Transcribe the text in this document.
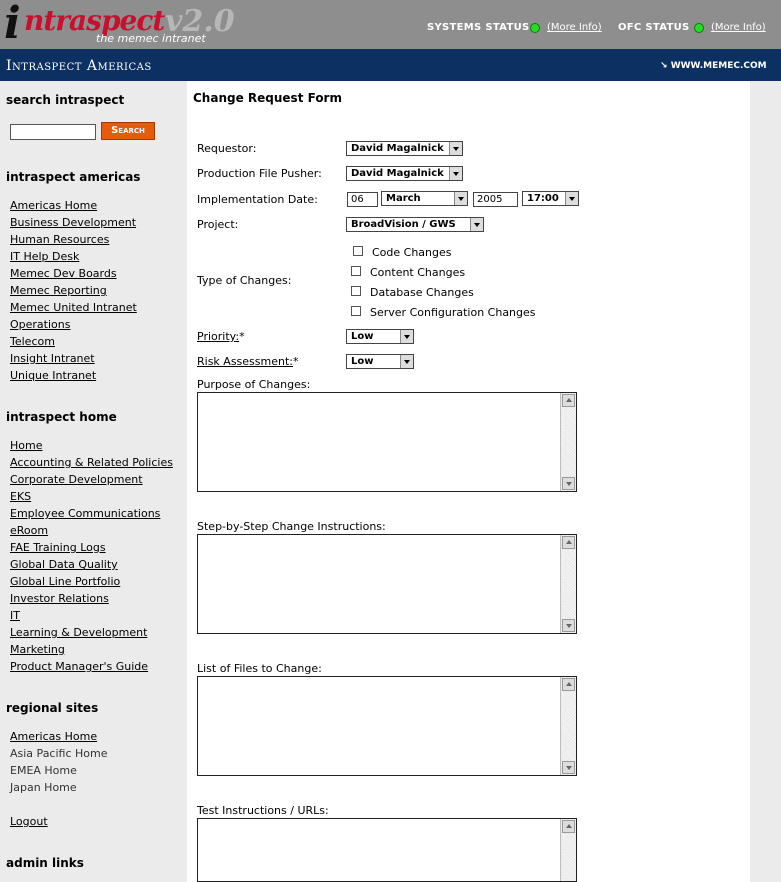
i ntraspect
the memec intranet
v2.0	SYSTEMS STATUS (More Info) OFC STATUS (More Info)
Intraspect Americas	↘ WWW.MEMEC.COM
search intraspect
Search
intraspect americas
Americas Home
Business Development
Human Resources
IT Help Desk
Memec Dev Boards
Memec Reporting
Memec United Intranet
Operations
Telecom
Insight Intranet
Unique Intranet
intraspect home
Home
Accounting & Related Policies
Corporate Development
EKS
Employee Communications
eRoom
FAE Training Logs
Global Data Quality
Global Line Portfolio
Investor Relations
IT
Learning & Development
Marketing
Product Manager's Guide
regional sites
Americas Home
Asia Pacific Home
EMEA Home
Japan Home
Logout
admin links
Change Request Form
Requestor:	David Magalnick
Production File Pusher:	David Magalnick
Implementation Date:	06	March	2005	17:00
Project:	BroadVision / GWS
Type of Changes:
Code Changes
Content Changes
Database Changes
Server Configuration Changes
Priority:*	Low
Risk Assessment:*	Low
Purpose of Changes:
Step-by-Step Change Instructions:
List of Files to Change:
Test Instructions / URLs:
